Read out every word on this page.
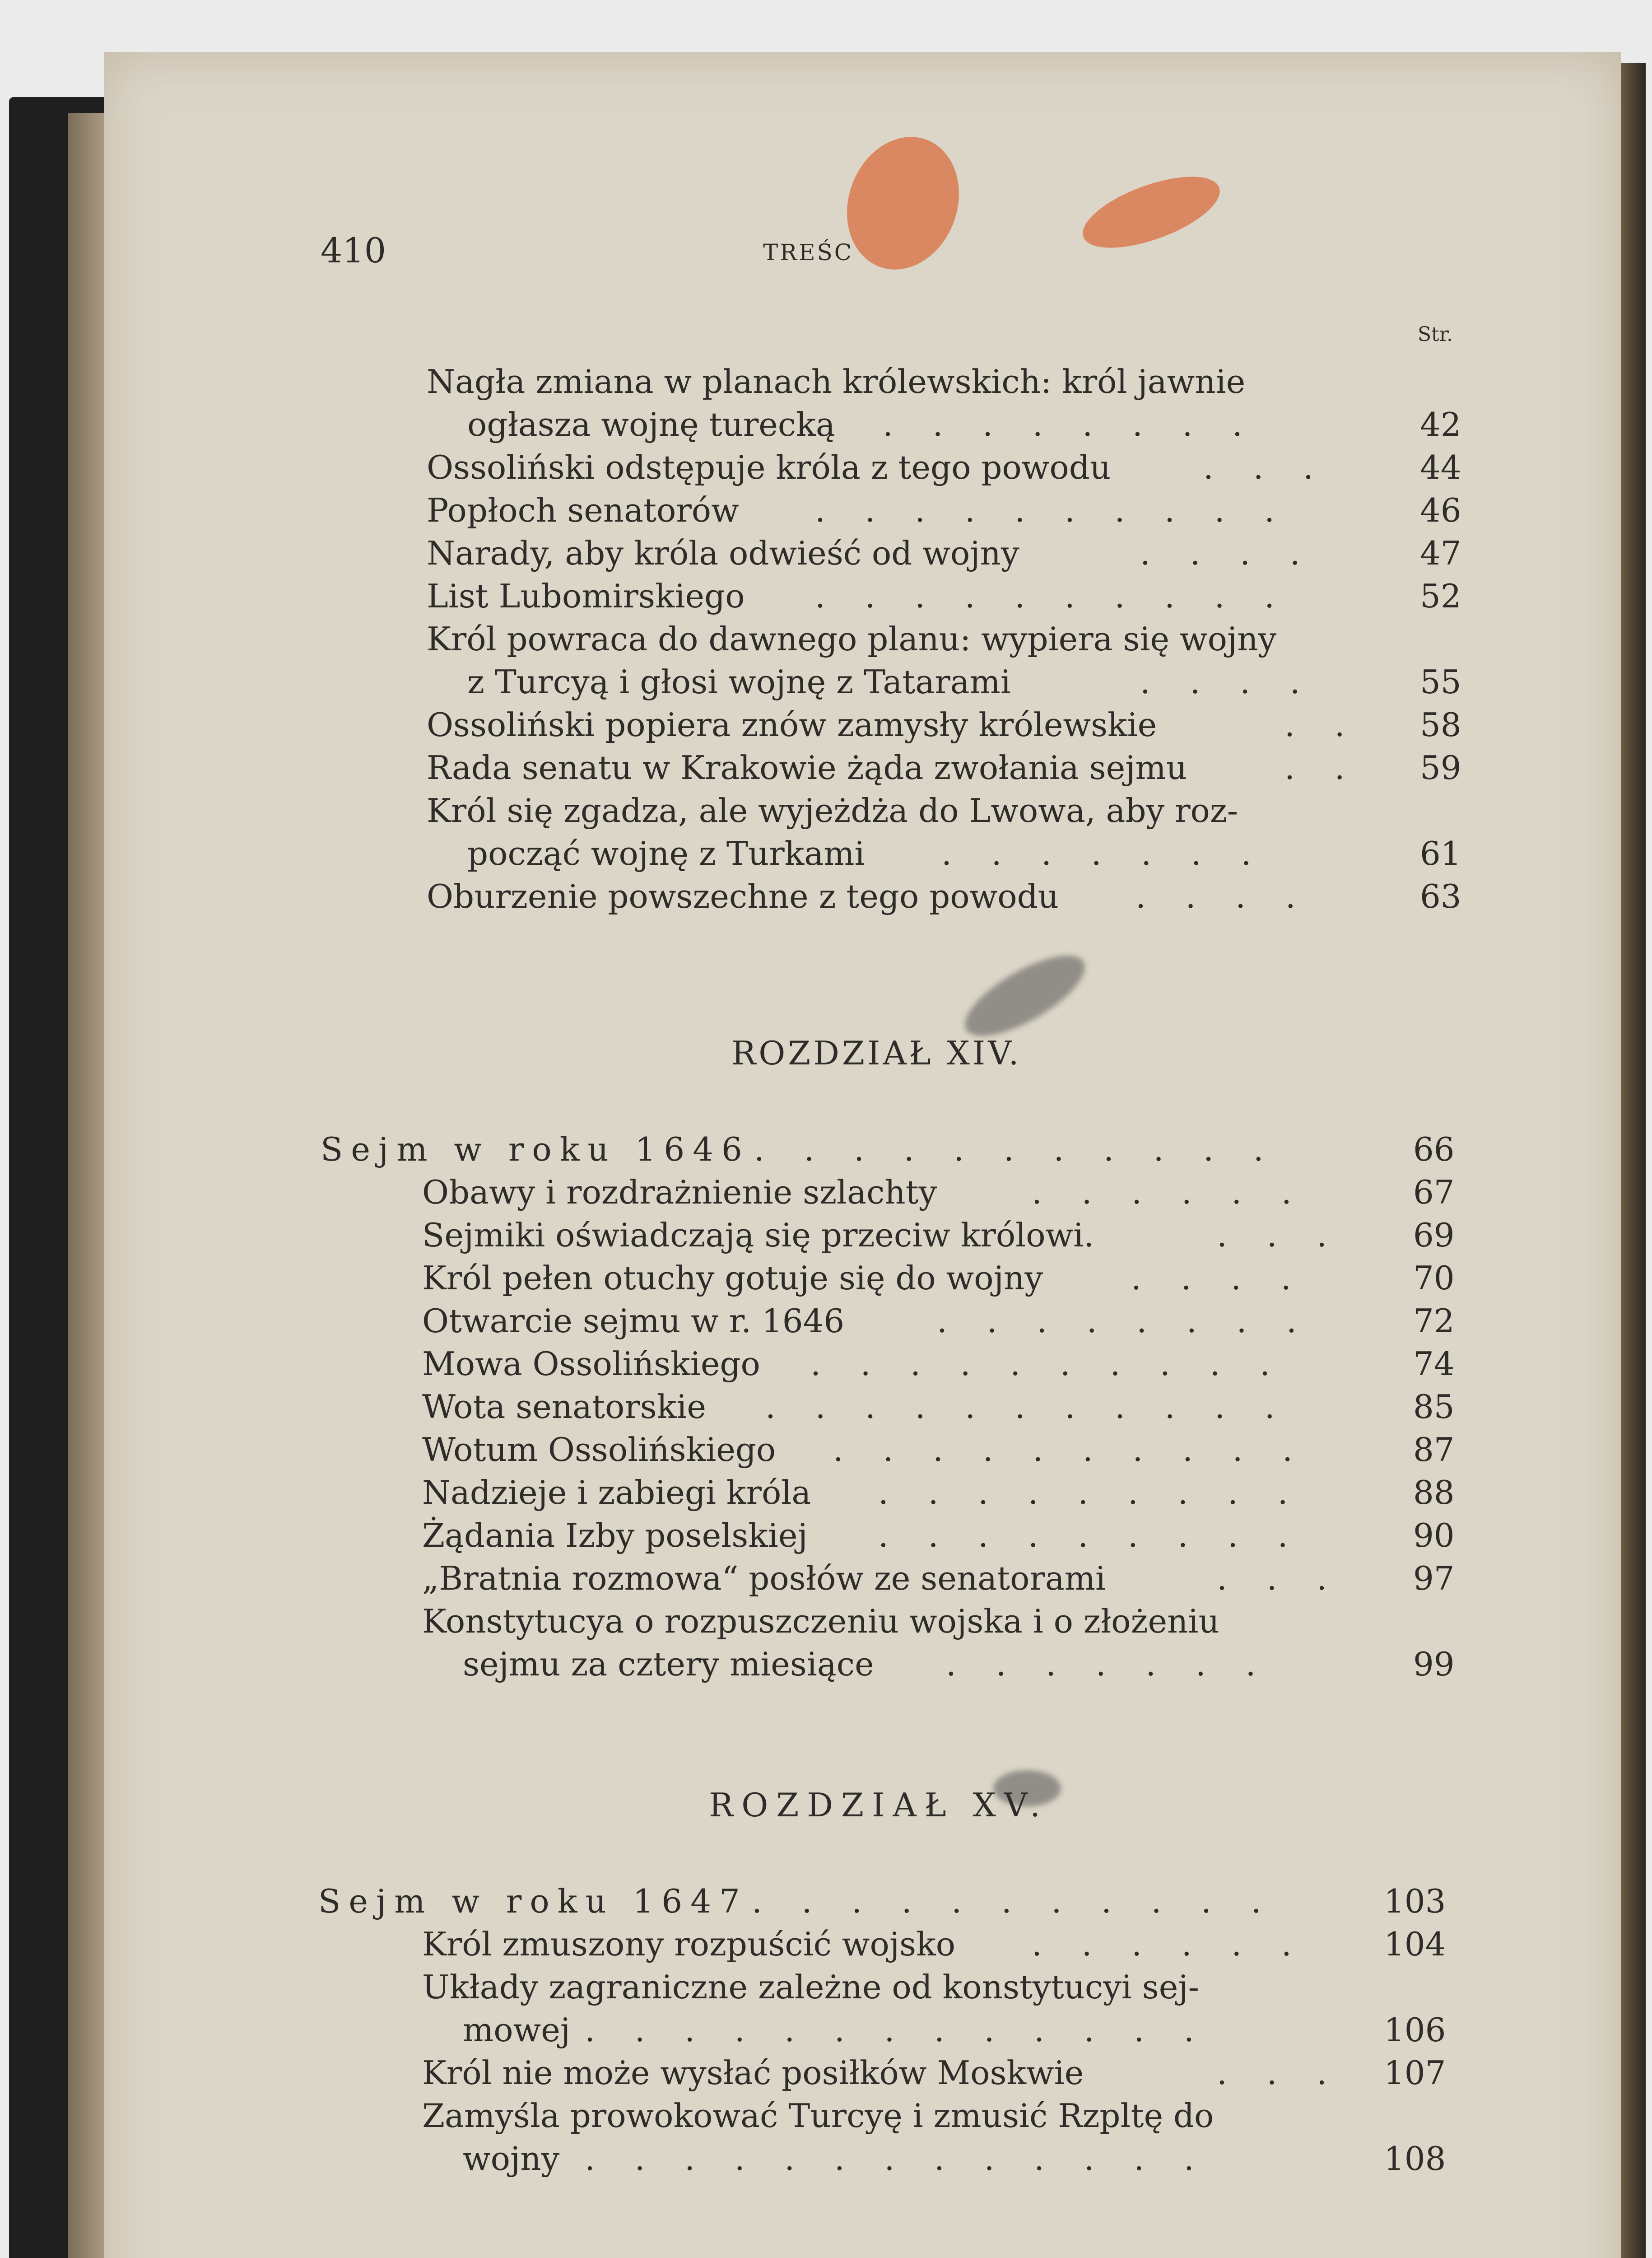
410	TREŚC
Str.
Nagła zmiana w planach królewskich: król jawnie
ogłasza wojnę turecką . . . . . . . .	42
Ossoliński odstępuje króla z tego powodu	. . .	44
Popłoch senatorów . . . . . . . . . .	46
Narady, aby króla odwieść od wojny	. . . .	47
List Lubomirskiego . . . . . . . . . .	52
Król powraca do dawnego planu: wypiera się wojny
z Turcyą i głosi wojnę z Tatarami	. . . .	55
Ossoliński popiera znów zamysły królewskie	. . 58
Rada senatu w Krakowie żąda zwołania sejmu	. . 59
Król się zgadza, ale wyjeżdża do Lwowa, aby roz-
począć wojnę z Turkami . . . . . . .	61
Oburzenie powszechne z tego powodu . . . .	63
ROZDZIAŁ XIV.
Sejm w roku 1646 . . . . . . . . . . .	66
Obawy i rozdrażnienie szlachty	. . . . . .	67
Sejmiki oświadczają się przeciw królowi.	. . . 69
Król pełen otuchy gotuje się do wojny	. . . .	70
Otwarcie sejmu w r. 1646	. . . . . . . .	72
Mowa Ossolińskiego . . . . . . . . . .	74
Wota senatorskie . . . . . . . . . . .	85
Wotum Ossolińskiego . . . . . . . . . .	87
Nadzieje i zabiegi króla . . . . . . . . .	88
Żądania Izby poselskiej . . . . . . . . .	90
„Bratnia rozmowa“ posłów ze senatorami	. . . 97
Konstytucya o rozpuszczeniu wojska i o złożeniu
sejmu za cztery miesiące . . . . . . .	99
ROZDZIAŁ XV.
Sejm w roku 1647 . . . . . . . . . . .	103
Król zmuszony rozpuścić wojsko . . . . . . 104
Układy zagraniczne zależne od konstytucyi sej-
mowej . . . . . . . . . . . . .	106
Król nie może wysłać posiłków Moskwie	. . . 107
Zamyśla prowokować Turcyę i zmusić Rzpltę do
wojny . . . . . . . . . . . . .	108
